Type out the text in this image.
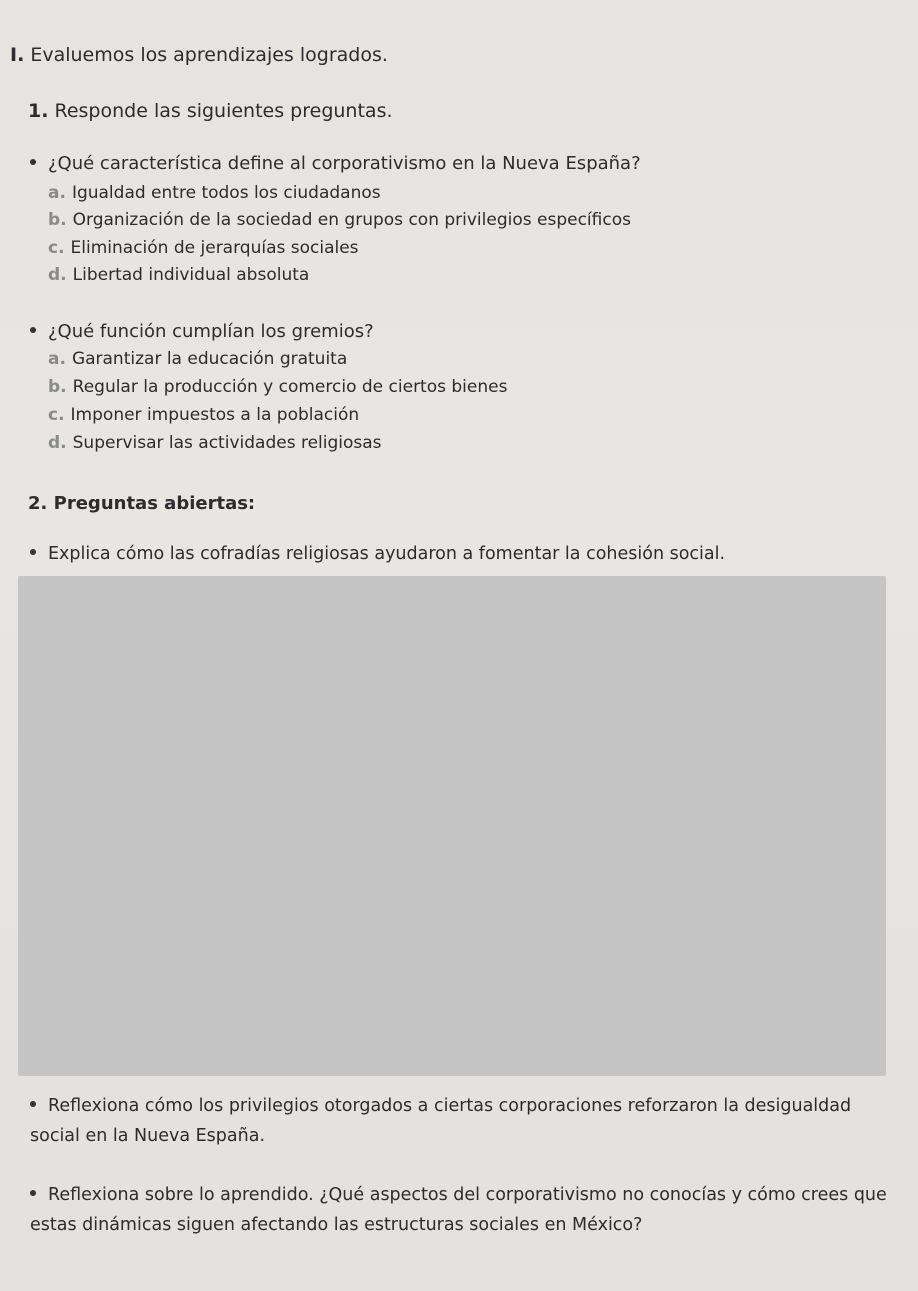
I. Evaluemos los aprendizajes logrados.
1. Responde las siguientes preguntas.
¿Qué característica define al corporativismo en la Nueva España?
a. Igualdad entre todos los ciudadanos
b. Organización de la sociedad en grupos con privilegios específicos
c. Eliminación de jerarquías sociales
d. Libertad individual absoluta
¿Qué función cumplían los gremios?
a. Garantizar la educación gratuita
b. Regular la producción y comercio de ciertos bienes
c. Imponer impuestos a la población
d. Supervisar las actividades religiosas
2. Preguntas abiertas:
Explica cómo las cofradías religiosas ayudaron a fomentar la cohesión social.
Reflexiona cómo los privilegios otorgados a ciertas corporaciones reforzaron la desigualdad social en la Nueva España.
Reflexiona sobre lo aprendido. ¿Qué aspectos del corporativismo no conocías y cómo crees que estas dinámicas siguen afectando las estructuras sociales en México?
